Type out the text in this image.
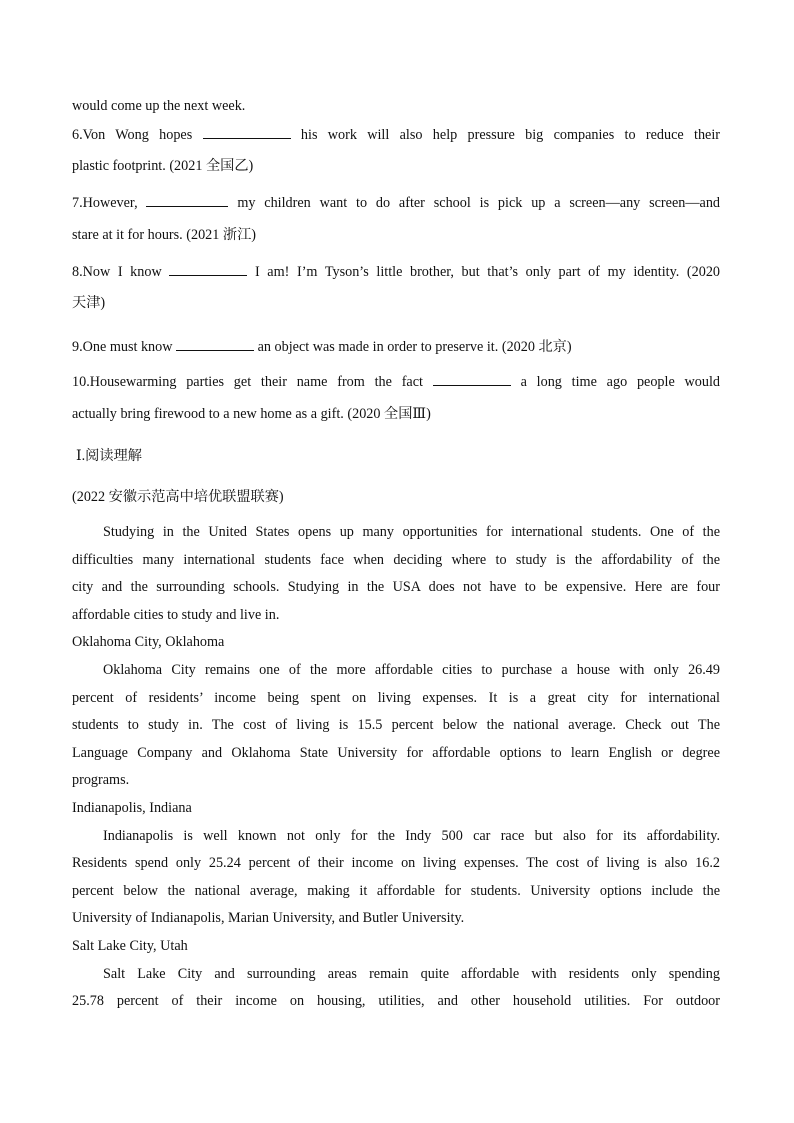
would come up the next week.
6.Von Wong hopes	his work will also help pressure big companies to reduce their
plastic footprint. (2021 全国乙)
7.However,	my children want to do after school is pick up a screen—any screen—and
stare at it for hours. (2021 浙江)
8.Now I know	I am! I’m Tyson’s little brother, but that’s only part of my identity. (2020
天津)
9.One must know	an object was made in order to preserve it. (2020 北京)
10.Housewarming parties get their name from the fact	a long time ago people would
actually bring firewood to a new home as a gift. (2020 全国Ⅲ)
Ⅰ.阅读理解
(2022 安徽示范高中培优联盟联赛)
Studying in the United States opens up many opportunities for international students. One of the
difficulties many international students face when deciding where to study is the affordability of the
city and the surrounding schools. Studying in the USA does not have to be expensive. Here are four
affordable cities to study and live in.
Oklahoma City, Oklahoma
Oklahoma City remains one of the more affordable cities to purchase a house with only 26.49
percent of residents’ income being spent on living expenses. It is a great city for international
students to study in. The cost of living is 15.5 percent below the national average. Check out The
Language Company and Oklahoma State University for affordable options to learn English or degree
programs.
Indianapolis, Indiana
Indianapolis is well known not only for the Indy 500 car race but also for its affordability.
Residents spend only 25.24 percent of their income on living expenses. The cost of living is also 16.2
percent below the national average, making it affordable for students. University options include the
University of Indianapolis, Marian University, and Butler University.
Salt Lake City, Utah
Salt Lake City and surrounding areas remain quite affordable with residents only spending
25.78 percent of their income on housing, utilities, and other household utilities. For outdoor
